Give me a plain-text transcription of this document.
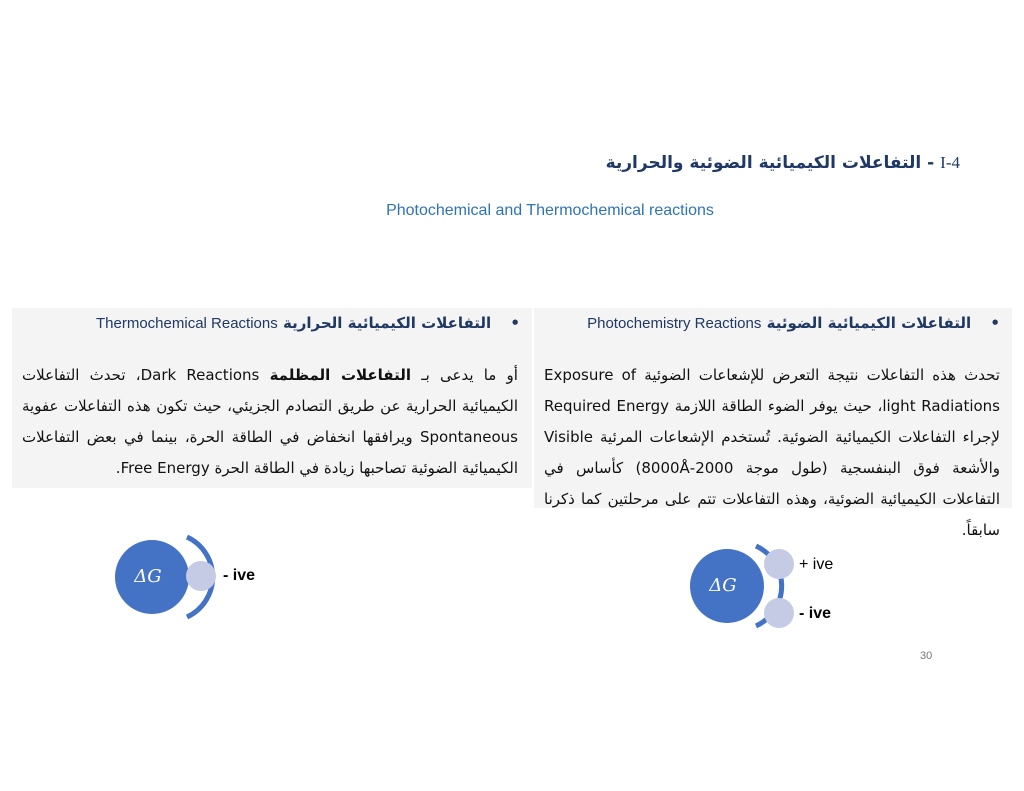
4-I - التفاعلات الكيميائية الضوئية والحرارية
Photochemical and Thermochemical reactions
• التفاعلات الكيميائية الحرارية Thermochemical Reactions
أو ما يدعى بـ التفاعلات المظلمة Dark Reactions، تحدث التفاعلات الكيميائية الحرارية عن طريق التصادم الجزيئي، حيث تكون هذه التفاعلات عفوية Spontaneous ويرافقها انخفاض في الطاقة الحرة، بينما في بعض التفاعلات الكيميائية الضوئية تصاحبها زيادة في الطاقة الحرة Free Energy.
• التفاعلات الكيميائية الضوئية Photochemistry Reactions
تحدث هذه التفاعلات نتيجة التعرض للإشعاعات الضوئية Exposure of light Radiations، حيث يوفر الضوء الطاقة اللازمة Required Energy لإجراء التفاعلات الكيميائية الضوئية. تُستخدم الإشعاعات المرئية Visible والأشعة فوق البنفسجية (طول موجة 2000-8000Å) كأساس في التفاعلات الكيميائية الضوئية، وهذه التفاعلات تتم على مرحلتين كما ذكرنا سابقاً.
ΔG	ΔG
- ive
+ ive
- ive
30
